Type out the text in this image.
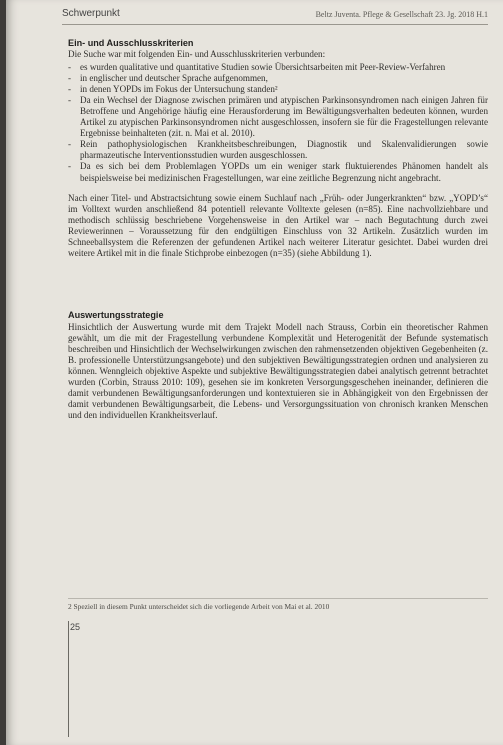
Schwerpunkt	Beltz Juventa. Pflege & Gesellschaft 23. Jg. 2018 H.1
Ein- und Ausschlusskriterien

Die Suche war mit folgenden Ein- und Ausschlusskriterien verbunden:

- es wurden qualitative und quantitative Studien sowie Übersichtsarbeiten mit Peer-Review-Verfahren
- in englischer und deutscher Sprache aufgenommen,
- in denen YOPDs im Fokus der Untersuchung standen²
- Da ein Wechsel der Diagnose zwischen primären und atypischen Parkinsonsyndromen nach einigen Jahren für Betroffene und Angehörige häufig eine Herausforderung im Bewältigungsverhalten bedeuten können, wurden Artikel zu atypischen Parkinsonsyndromen nicht ausgeschlossen, insofern sie für die Fragestellungen relevante Ergebnisse beinhalteten (zit. n. Mai et al. 2010).
- Rein pathophysiologischen Krankheitsbeschreibungen, Diagnostik und Skalenvalidierungen sowie pharmazeutische Interventionsstudien wurden ausgeschlossen.
- Da es sich bei dem Problemlagen YOPDs um ein weniger stark fluktuierendes Phänomen handelt als beispielsweise bei medizinischen Fragestellungen, war eine zeitliche Begrenzung nicht angebracht.

Nach einer Titel- und Abstractsichtung sowie einem Suchlauf nach „Früh- oder Jungerkrankten“ bzw. „YOPD’s“ im Volltext wurden anschließend 84 potentiell relevante Volltexte gelesen (n=85). Eine nachvollziehbare und methodisch schlüssig beschriebene Vorgehensweise in den Artikel war – nach Begutachtung durch zwei Reviewerinnen – Voraussetzung für den endgültigen Einschluss von 32 Artikeln. Zusätzlich wurden im Schneeballsystem die Referenzen der gefundenen Artikel nach weiterer Literatur gesichtet. Dabei wurden drei weitere Artikel mit in die finale Stichprobe einbezogen (n=35) (siehe Abbildung 1).

Auswertungsstrategie

Hinsichtlich der Auswertung wurde mit dem Trajekt Modell nach Strauss, Corbin ein theoretischer Rahmen gewählt, um die mit der Fragestellung verbundene Komplexität und Heterogenität der Befunde systematisch beschreiben und Hinsichtlich der Wechselwirkungen zwischen den rahmensetzenden objektiven Gegebenheiten (z. B. professionelle Unterstützungsangebote) und den subjektiven Bewältigungsstrategien ordnen und analysieren zu können. Wenngleich objektive Aspekte und subjektive Bewältigungsstrategien dabei analytisch getrennt betrachtet wurden (Corbin, Strauss 2010: 109), gesehen sie im konkreten Versorgungsgeschehen ineinander, definieren die damit verbundenen Bewältigungsanforderungen und kontextuieren sie in Abhängigkeit von den Ergebnissen der damit verbundenen Bewältigungsarbeit, die Lebens- und Versorgungssituation von chronisch kranken Menschen und den individuellen Krankheitsverlauf.

2 Speziell in diesem Punkt unterscheidet sich die vorliegende Arbeit von Mai et al. 2010
25
